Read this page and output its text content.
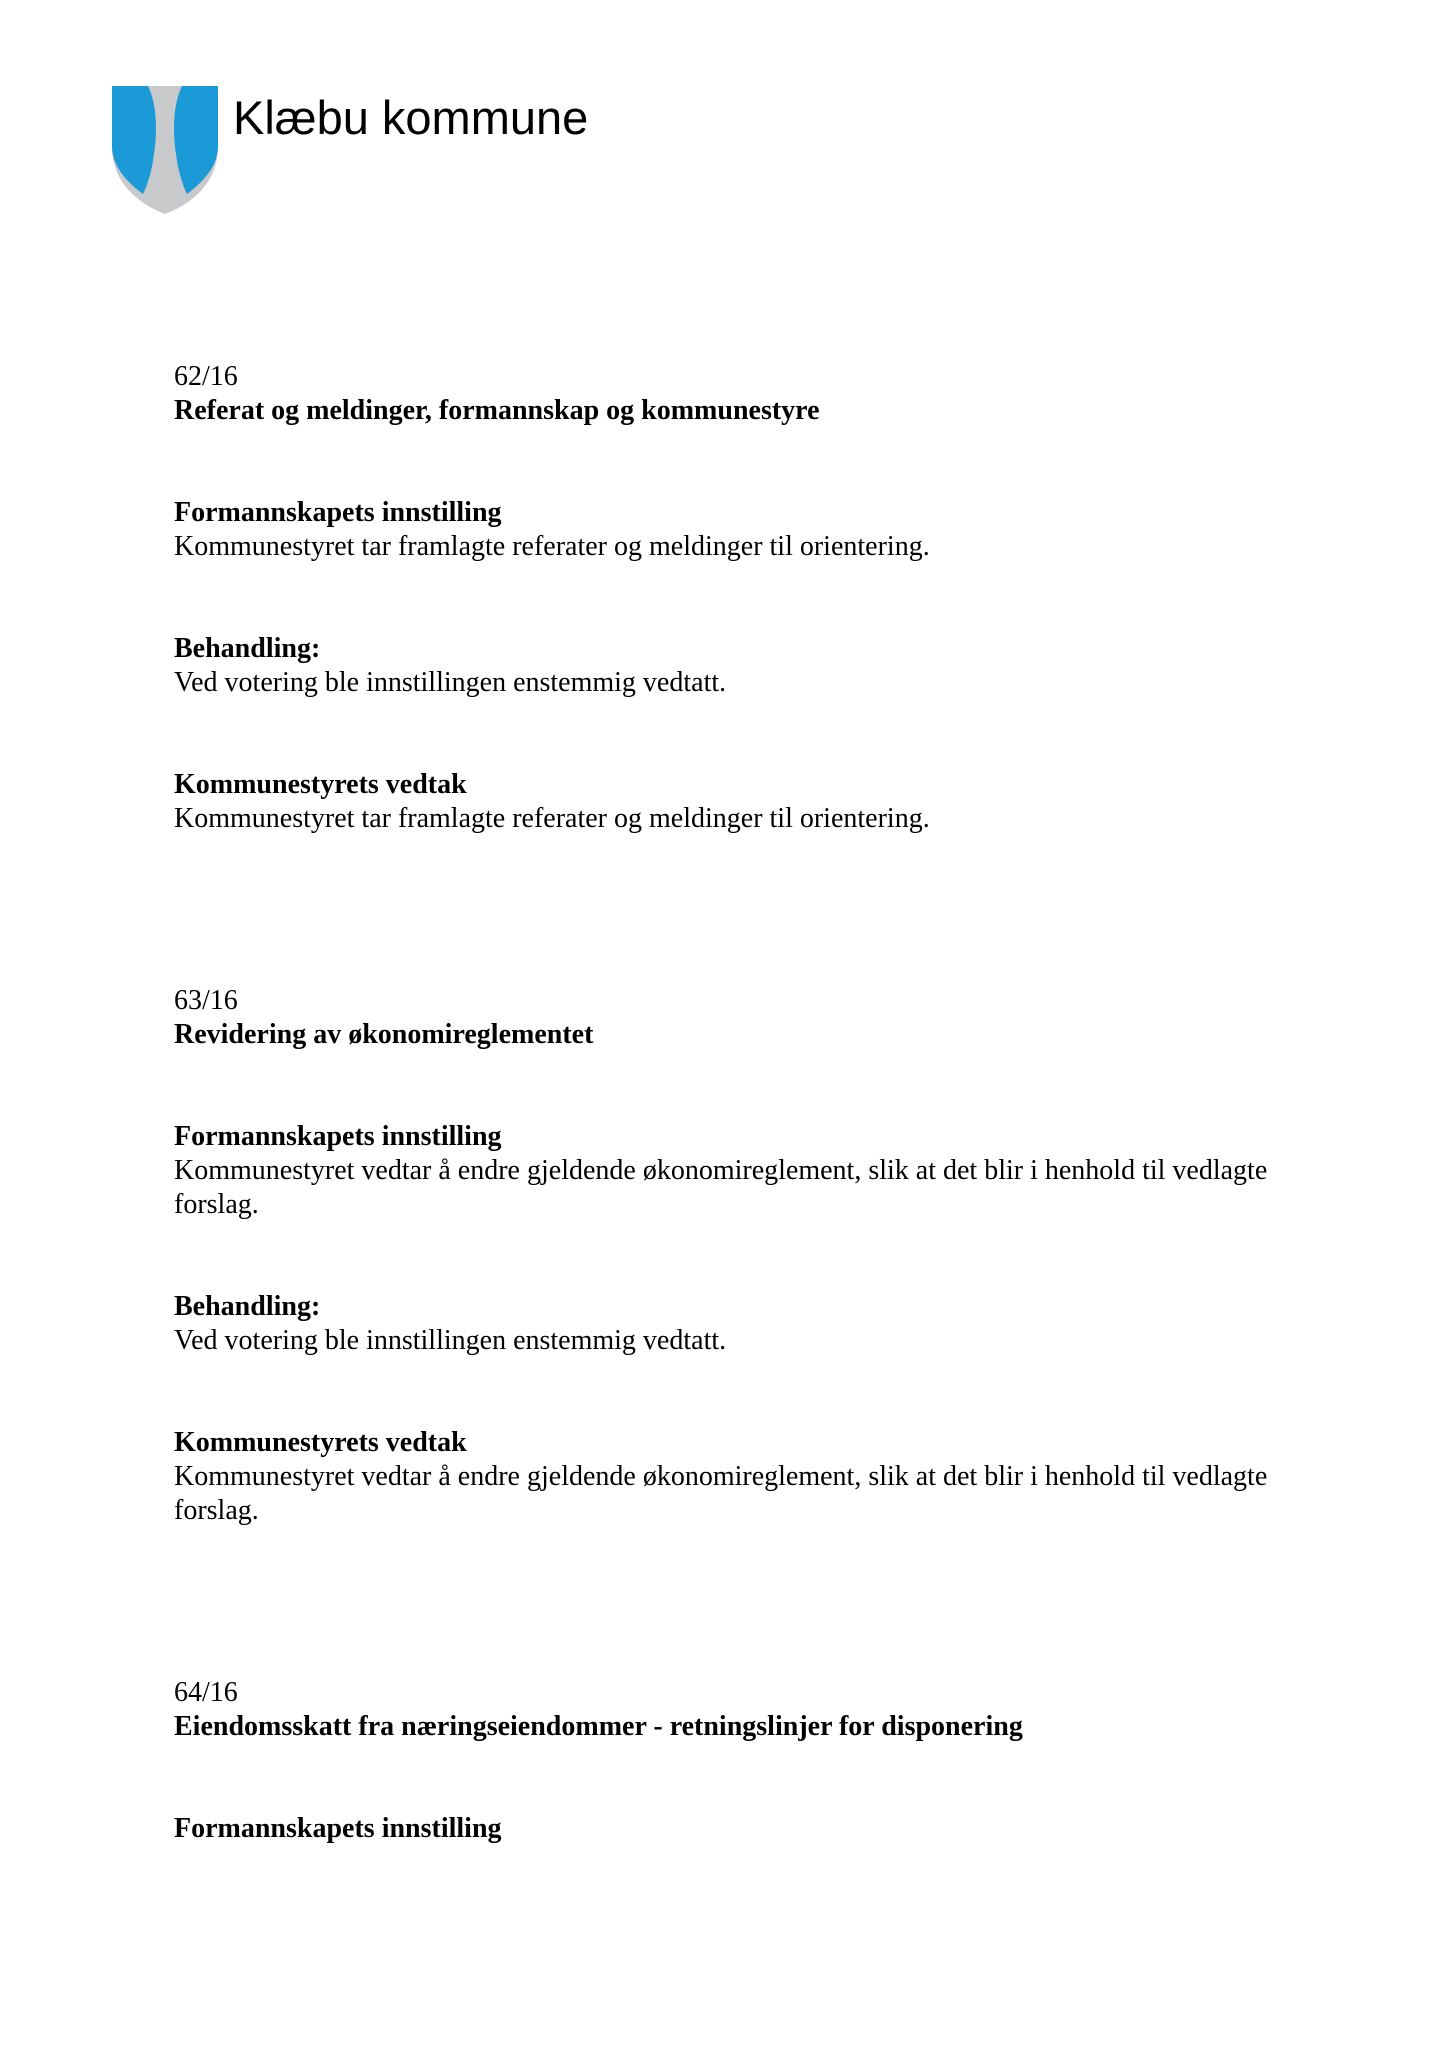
Klæbu kommune

62/16

Referat og meldinger, formannskap og kommunestyre

Formannskapets innstilling

Kommunestyret tar framlagte referater og meldinger til orientering.

Behandling:

Ved votering ble innstillingen enstemmig vedtatt.

Kommunestyrets vedtak

Kommunestyret tar framlagte referater og meldinger til orientering.

63/16

Revidering av økonomireglementet

Formannskapets innstilling

Kommunestyret vedtar å endre gjeldende økonomireglement, slik at det blir i henhold til vedlagte forslag.

Behandling:

Ved votering ble innstillingen enstemmig vedtatt.

Kommunestyrets vedtak

Kommunestyret vedtar å endre gjeldende økonomireglement, slik at det blir i henhold til vedlagte forslag.

64/16

Eiendomsskatt fra næringseiendommer - retningslinjer for disponering

Formannskapets innstilling
